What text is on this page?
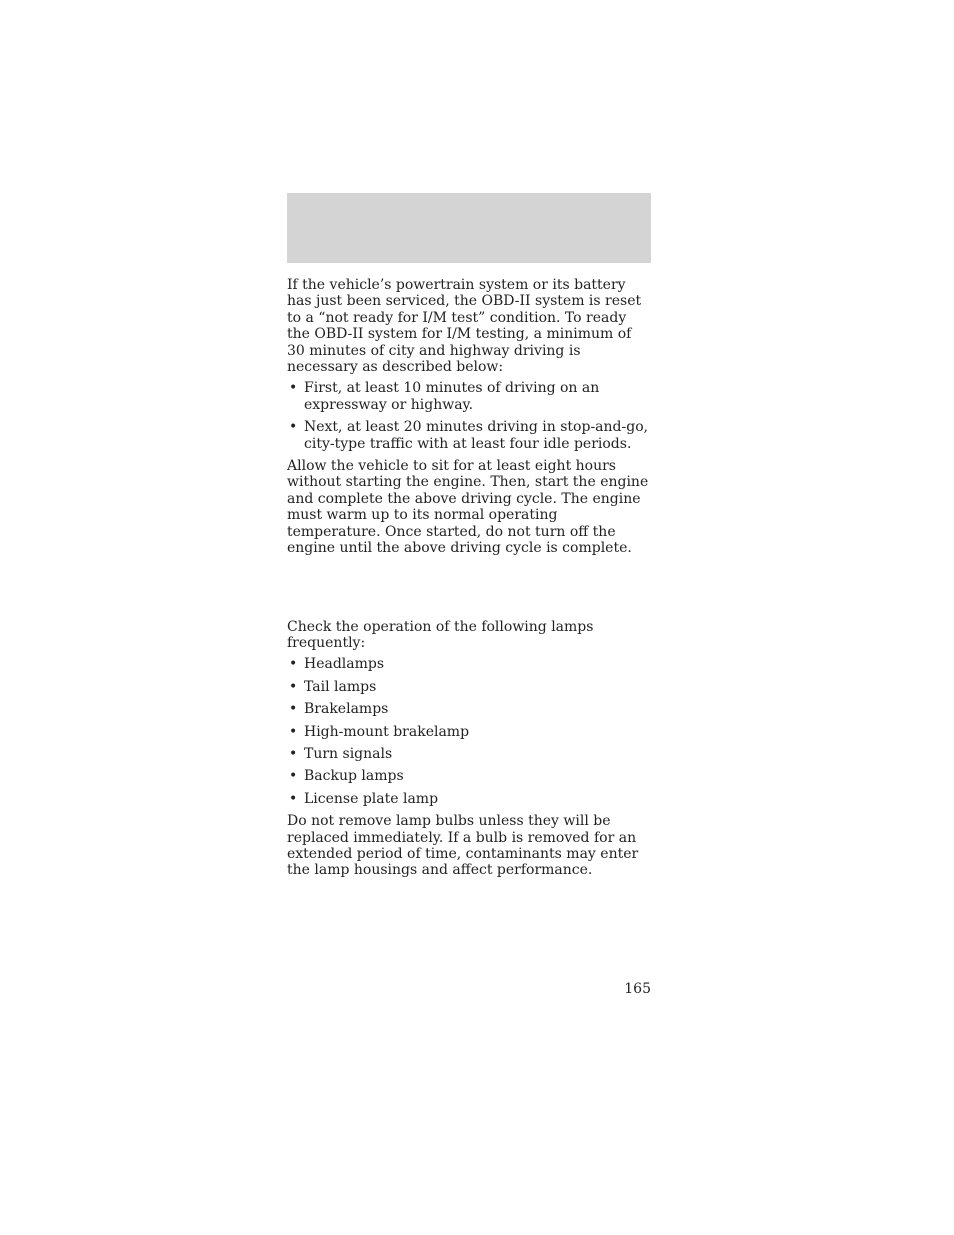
If the vehicle’s powertrain system or its battery has just been serviced, the OBD-II system is reset to a “not ready for I/M test” condition. To ready the OBD-II system for I/M testing, a minimum of 30 minutes of city and highway driving is necessary as described below:

• First, at least 10 minutes of driving on an expressway or highway.
• Next, at least 20 minutes driving in stop-and-go, city-type traffic with at least four idle periods.

Allow the vehicle to sit for at least eight hours without starting the engine. Then, start the engine and complete the above driving cycle. The engine must warm up to its normal operating temperature. Once started, do not turn off the engine until the above driving cycle is complete.

Check the operation of the following lamps frequently:

• Headlamps
• Tail lamps
• Brakelamps
• High-mount brakelamp
• Turn signals
• Backup lamps
• License plate lamp

Do not remove lamp bulbs unless they will be replaced immediately. If a bulb is removed for an extended period of time, contaminants may enter the lamp housings and affect performance.

165
